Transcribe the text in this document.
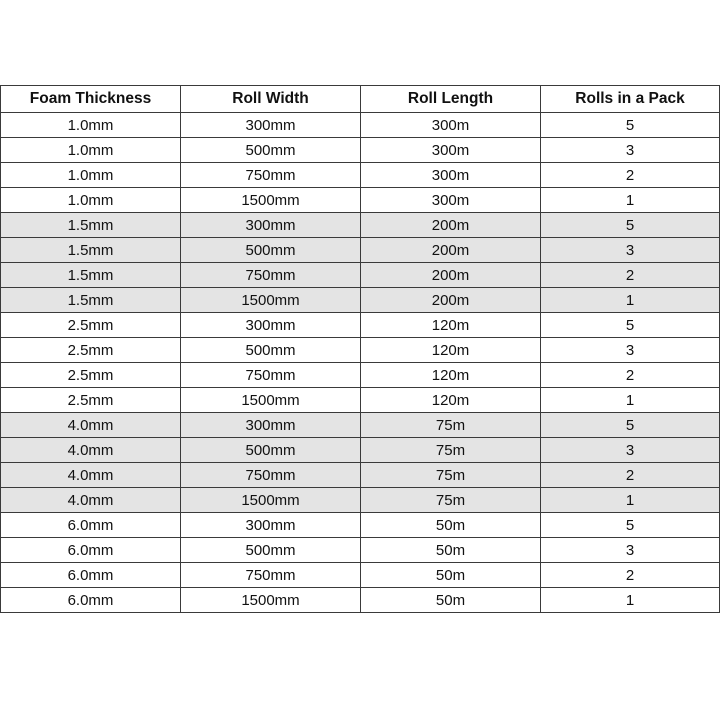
Foam Thickness	Roll Width	Roll Length	Rolls in a Pack
1.0mm	300mm	300m	5
1.0mm	500mm	300m	3
1.0mm	750mm	300m	2
1.0mm	1500mm	300m	1
1.5mm	300mm	200m	5
1.5mm	500mm	200m	3
1.5mm	750mm	200m	2
1.5mm	1500mm	200m	1
2.5mm	300mm	120m	5
2.5mm	500mm	120m	3
2.5mm	750mm	120m	2
2.5mm	1500mm	120m	1
4.0mm	300mm	75m	5
4.0mm	500mm	75m	3
4.0mm	750mm	75m	2
4.0mm	1500mm	75m	1
6.0mm	300mm	50m	5
6.0mm	500mm	50m	3
6.0mm	750mm	50m	2
6.0mm	1500mm	50m	1
